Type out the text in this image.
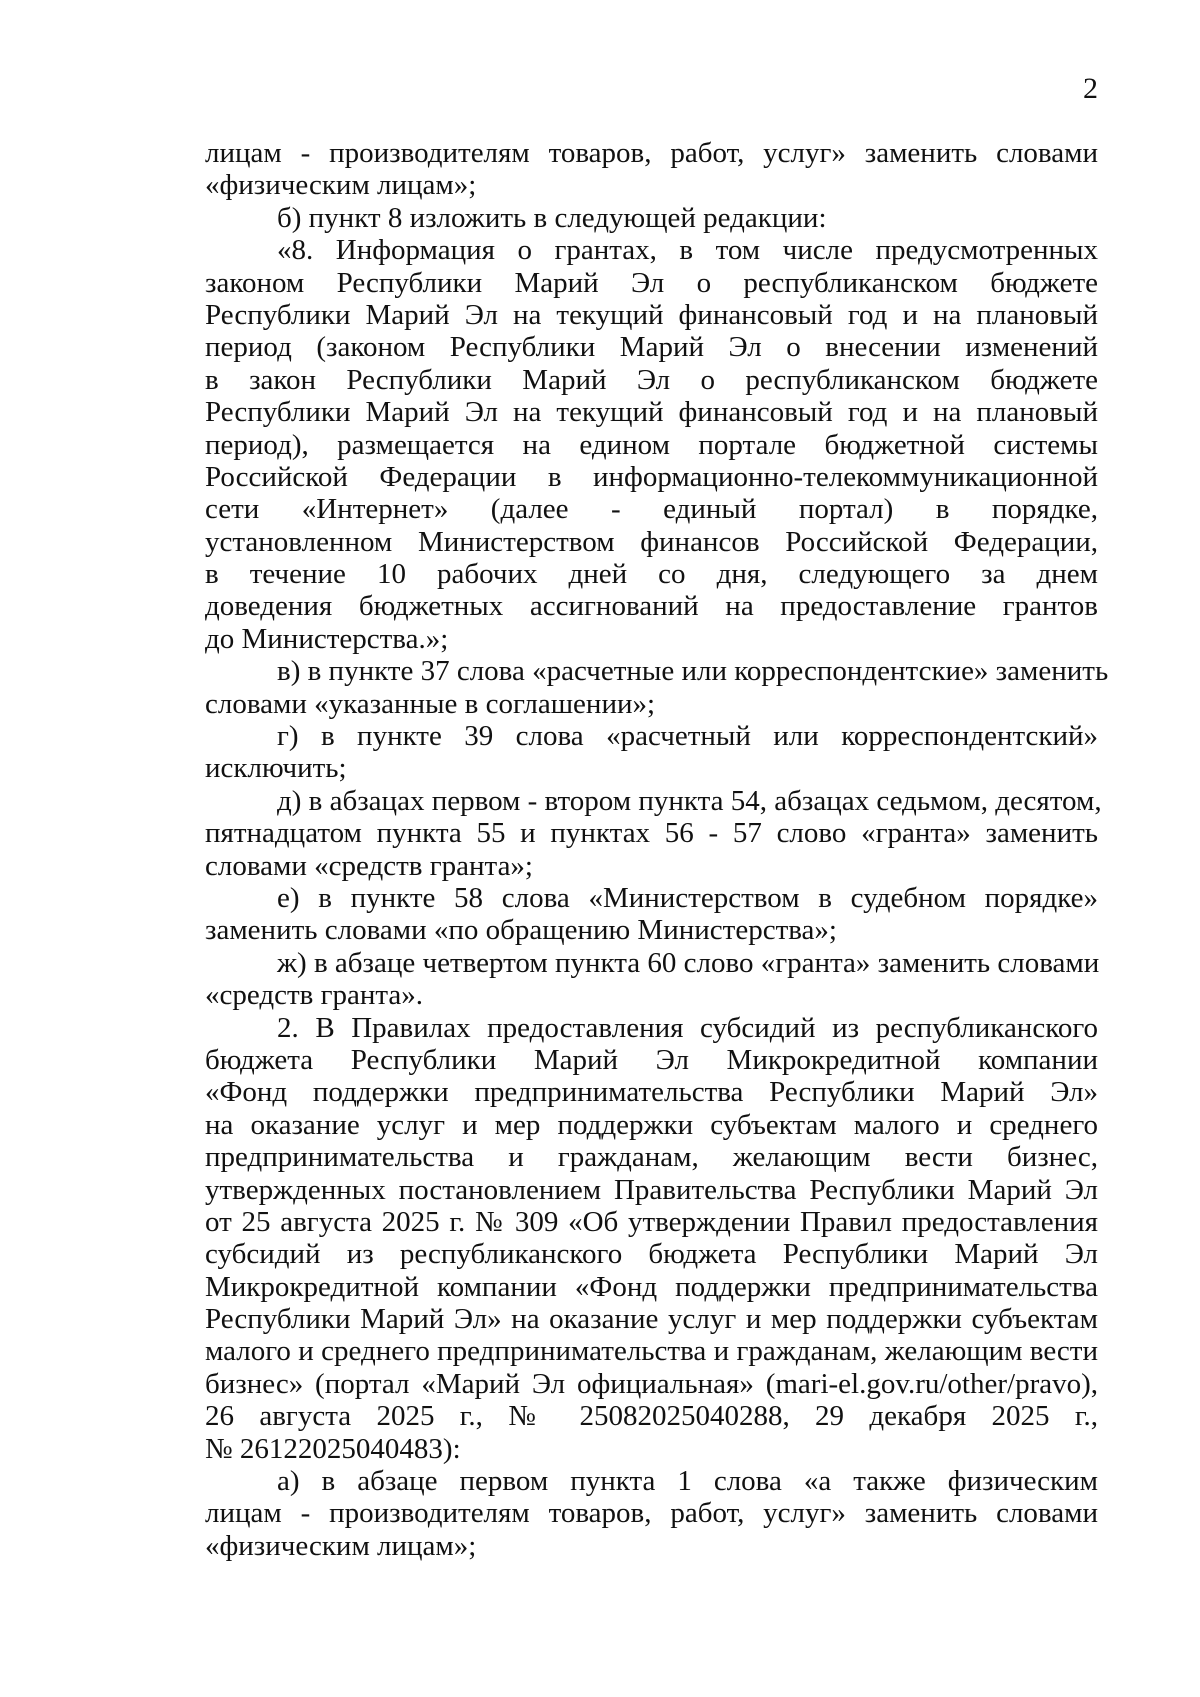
2
лицам - производителям товаров, работ, услуг» заменить словами
«физическим лицам»;
б) пункт 8 изложить в следующей редакции:
«8. Информация о грантах, в том числе предусмотренных
законом Республики Марий Эл о республиканском бюджете
Республики Марий Эл на текущий финансовый год и на плановый
период (законом Республики Марий Эл о внесении изменений
в закон Республики Марий Эл о республиканском бюджете
Республики Марий Эл на текущий финансовый год и на плановый
период), размещается на едином портале бюджетной системы
Российской Федерации в информационно-телекоммуникационной
сети «Интернет» (далее - единый портал) в порядке,
установленном Министерством финансов Российской Федерации,
в течение 10 рабочих дней со дня, следующего за днем
доведения бюджетных ассигнований на предоставление грантов
до Министерства.»;
в) в пункте 37 слова «расчетные или корреспондентские» заменить
словами «указанные в соглашении»;
г) в пункте 39 слова «расчетный или корреспондентский»
исключить;
д) в абзацах первом - втором пункта 54, абзацах седьмом, десятом,
пятнадцатом пункта 55 и пунктах 56 - 57 слово «гранта» заменить
словами «средств гранта»;
е) в пункте 58 слова «Министерством в судебном порядке»
заменить словами «по обращению Министерства»;
ж) в абзаце четвертом пункта 60 слово «гранта» заменить словами
«средств гранта».
2. В Правилах предоставления субсидий из республиканского
бюджета Республики Марий Эл Микрокредитной компании
«Фонд поддержки предпринимательства Республики Марий Эл»
на оказание услуг и мер поддержки субъектам малого и среднего
предпринимательства и гражданам, желающим вести бизнес,
утвержденных постановлением Правительства Республики Марий Эл
от 25 августа 2025 г. № 309 «Об утверждении Правил предоставления
субсидий из республиканского бюджета Республики Марий Эл
Микрокредитной компании «Фонд поддержки предпринимательства
Республики Марий Эл» на оказание услуг и мер поддержки субъектам
малого и среднего предпринимательства и гражданам, желающим вести
бизнес» (портал «Марий Эл официальная» (mari-el.gov.ru/other/pravo),
26 августа 2025 г., № 25082025040288, 29 декабря 2025 г.,
№ 26122025040483):
а) в абзаце первом пункта 1 слова «а также физическим
лицам - производителям товаров, работ, услуг» заменить словами
«физическим лицам»;
